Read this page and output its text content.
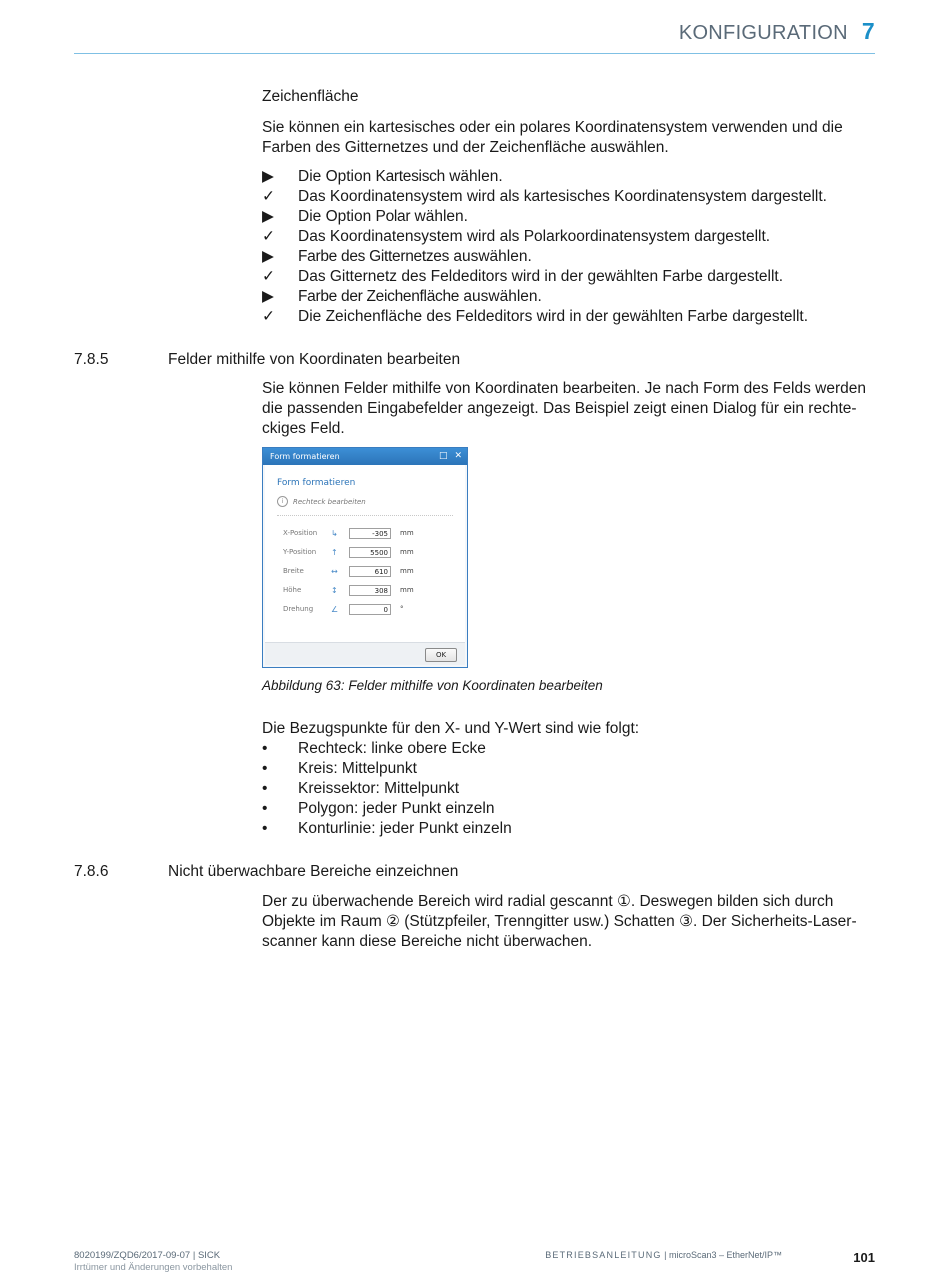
KONFIGURATION 7
Zeichenfläche
Sie können ein kartesisches oder ein polares Koordinatensystem verwenden und die
Farben des Gitternetzes und der Zeichenfläche auswählen.
▶	Die Option Kartesisch wählen.
✓	Das Koordinatensystem wird als kartesisches Koordinatensystem dargestellt.
▶	Die Option Polar wählen.
✓	Das Koordinatensystem wird als Polarkoordinatensystem dargestellt.
▶	Farbe des Gitternetzes auswählen.
✓	Das Gitternetz des Feldeditors wird in der gewählten Farbe dargestellt.
▶	Farbe der Zeichenfläche auswählen.
✓	Die Zeichenfläche des Feldeditors wird in der gewählten Farbe dargestellt.
7.8.5	Felder mithilfe von Koordinaten bearbeiten
Sie können Felder mithilfe von Koordinaten bearbeiten. Je nach Form des Felds werden
die passenden Eingabefelder angezeigt. Das Beispiel zeigt einen Dialog für ein rechte-
ckiges Feld.
Form formatieren	□ ✕
Form formatieren
i	Rechteck bearbeiten
X-Position	↳	-305	mm
Y-Position	↑	5500	mm
Breite	↔	610	mm
Höhe	↕	308	mm
Drehung	∠	0	°
OK
Abbildung 63: Felder mithilfe von Koordinaten bearbeiten
Die Bezugspunkte für den X- und Y-Wert sind wie folgt:
•	Rechteck: linke obere Ecke
•	Kreis: Mittelpunkt
•	Kreissektor: Mittelpunkt
•	Polygon: jeder Punkt einzeln
•	Konturlinie: jeder Punkt einzeln
7.8.6	Nicht überwachbare Bereiche einzeichnen
Der zu überwachende Bereich wird radial gescannt ①. Deswegen bilden sich durch
Objekte im Raum ② (Stützpfeiler, Trenngitter usw.) Schatten ③. Der Sicherheits-Laser-
scanner kann diese Bereiche nicht überwachen.
8020199/ZQD6/2017-09-07 | SICK
Irrtümer und Änderungen vorbehalten
BETRIEBSANLEITUNG | microScan3 – EtherNet/IP™	101
